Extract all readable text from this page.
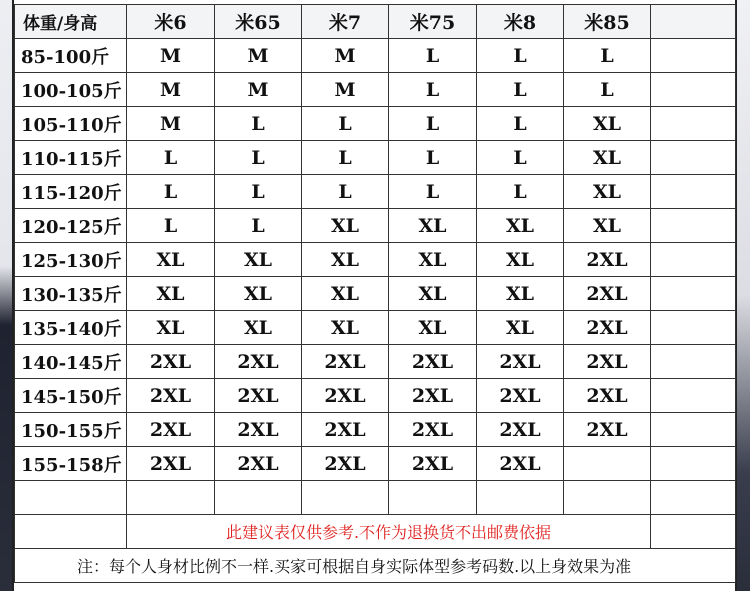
体重/身高	米6	米65	米7	米75	米8	米85	
85-100斤	M	M	M	L	L	L	
100-105斤	M	M	M	L	L	L	
105-110斤	M	L	L	L	L	XL	
110-115斤	L	L	L	L	L	XL	
115-120斤	L	L	L	L	L	XL	
120-125斤	L	L	XL	XL	XL	XL	
125-130斤	XL	XL	XL	XL	XL	2XL	
130-135斤	XL	XL	XL	XL	XL	2XL	
135-140斤	XL	XL	XL	XL	XL	2XL	
140-145斤	2XL	2XL	2XL	2XL	2XL	2XL	
145-150斤	2XL	2XL	2XL	2XL	2XL	2XL	
150-155斤	2XL	2XL	2XL	2XL	2XL	2XL	
155-158斤	2XL	2XL	2XL	2XL	2XL		

	此建议表仅供参考.不作为退换货不出邮费依据						
注：每个人身材比例不一样.买家可根据自身实际体型参考码数.以上身效果为准							
